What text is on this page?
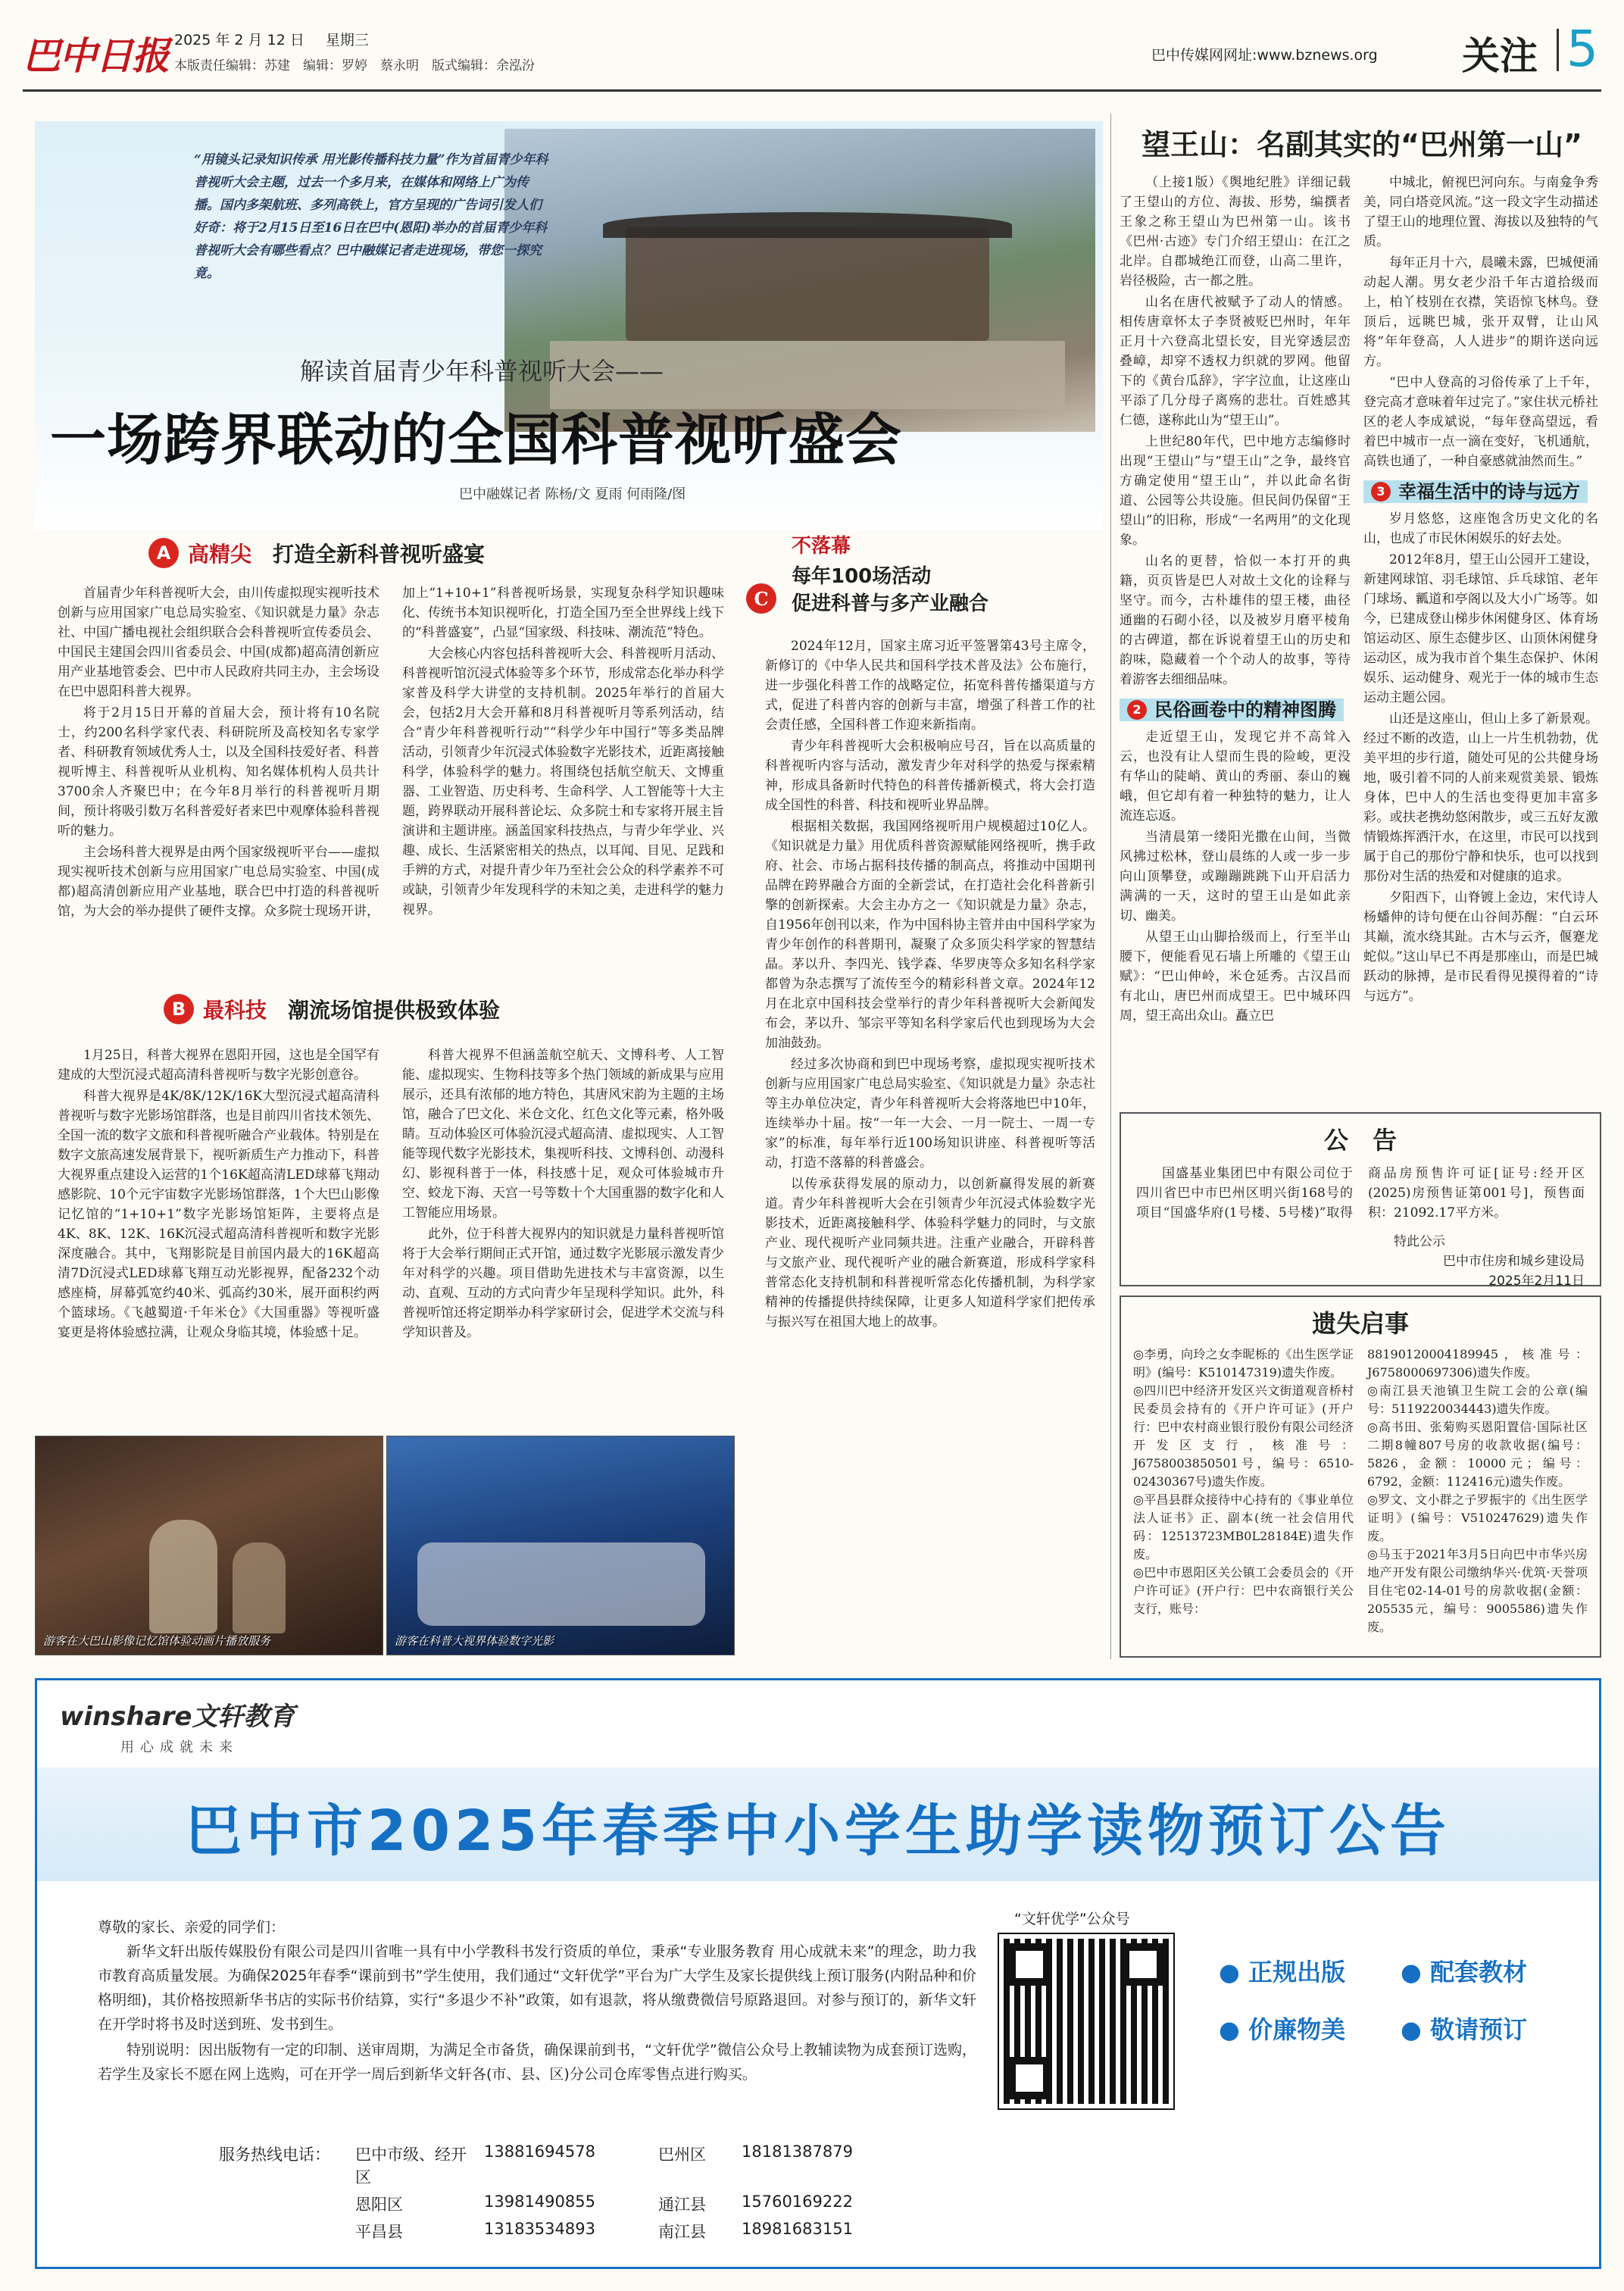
巴中日报 2025 年 2 月 12 日 星期三
本版责任编辑：苏建　编辑：罗婷　蔡永明　版式编辑：余泓汾
巴中传媒网网址:www.bznews.org 关注 5
“用镜头记录知识传承 用光影传播科技力量”作为首届青少年科普视听大会主题，过去一个多月来，在媒体和网络上广为传播。国内多架航班、多列高铁上，官方呈现的广告词引发人们好奇：将于2月15日至16日在巴中(恩阳)举办的首届青少年科普视听大会有哪些看点？巴中融媒记者走进现场，带您一探究竟。
解读首届青少年科普视听大会——
一场跨界联动的全国科普视听盛会
巴中融媒记者 陈杨/文 夏雨 何雨隆/图
A 高精尖 打造全新科普视听盛宴

首届青少年科普视听大会，由川传虚拟现实视听技术创新与应用国家广电总局实验室、《知识就是力量》杂志社、中国广播电视社会组织联合会科普视听宣传委员会、中国民主建国会四川省委员会、中国(成都)超高清创新应用产业基地管委会、巴中市人民政府共同主办，主会场设在巴中恩阳科普大视界。

将于2月15日开幕的首届大会，预计将有10名院士，约200名科学家代表、科研院所及高校知名专家学者、科研教育领域优秀人士，以及全国科技爱好者、科普视听博主、科普视听从业机构、知名媒体机构人员共计3700余人齐聚巴中；在今年8月举行的科普视听月期间，预计将吸引数万名科普爱好者来巴中观摩体验科普视听的魅力。

主会场科普大视界是由两个国家级视听平台——虚拟现实视听技术创新与应用国家广电总局实验室、中国(成都)超高清创新应用产业基地，联合巴中打造的科普视听馆，为大会的举办提供了硬件支撑。众多院士现场开讲，加上“1+10+1”科普视听场景，实现复杂科学知识趣味化、传统书本知识视听化，打造全国乃至全世界线上线下的“科普盛宴”，凸显“国家级、科技味、潮流范”特色。

大会核心内容包括科普视听大会、科普视听月活动、科普视听馆沉浸式体验等多个环节，形成常态化举办科学家普及科学大讲堂的支持机制。2025年举行的首届大会，包括2月大会开幕和8月科普视听月等系列活动，结合“青少年科普视听行动”“科学少年中国行”等多类品牌活动，引领青少年沉浸式体验数字光影技术，近距离接触科学，体验科学的魅力。将围绕包括航空航天、文博重器、工业智造、历史科考、生命科学、人工智能等十大主题，跨界联动开展科普论坛、众多院士和专家将开展主旨演讲和主题讲座。涵盖国家科技热点，与青少年学业、兴趣、成长、生活紧密相关的热点，以耳闻、目见、足践和手辨的方式，对提升青少年乃至社会公众的科学素养不可或缺，引领青少年发现科学的未知之美，走进科学的魅力视界。

B 最科技 潮流场馆提供极致体验

1月25日，科普大视界在恩阳开园，这也是全国罕有建成的大型沉浸式超高清科普视听与数字光影创意谷。

科普大视界是4K/8K/12K/16K大型沉浸式超高清科普视听与数字光影场馆群落，也是目前四川省技术领先、全国一流的数字文旅和科普视听融合产业载体。特别是在数字文旅高速发展背景下，视听新质生产力推动下，科普大视界重点建设入运营的1个16K超高清LED球幕飞翔动感影院、10个元宇宙数字光影场馆群落，1个大巴山影像记忆馆的“1+10+1”数字光影场馆矩阵，主要将点是4K、8K、12K、16K沉浸式超高清科普视听和数字光影深度融合。其中，飞翔影院是目前国内最大的16K超高清7D沉浸式LED球幕飞翔互动光影视界，配备232个动感座椅，屏幕弧宽约40米、弧高约30米，展开面积约两个篮球场。《飞越蜀道·千年米仓》《大国重器》等视听盛宴更是将体验感拉满，让观众身临其境，体验感十足。

科普大视界不但涵盖航空航天、文博科考、人工智能、虚拟现实、生物科技等多个热门领域的新成果与应用展示，还具有浓郁的地方特色，其唐风宋韵为主题的主场馆，融合了巴文化、米仓文化、红色文化等元素，格外吸睛。互动体验区可体验沉浸式超高清、虚拟现实、人工智能等现代数字光影技术，集视听科技、文博科创、动漫科幻、影视科普于一体，科技感十足，观众可体验城市升空、蛟龙下海、天宫一号等数十个大国重器的数字化和人工智能应用场景。

此外，位于科普大视界内的知识就是力量科普视听馆将于大会举行期间正式开馆，通过数字光影展示激发青少年对科学的兴趣。项目借助先进技术与丰富资源，以生动、直观、互动的方式向青少年呈现科学知识。此外，科普视听馆还将定期举办科学家研讨会，促进学术交流与科学知识普及。

游客在大巴山影像记忆馆体验动画片播放服务	游客在科普大视界体验数字光影
C
不落幕
每年100场活动
促进科普与多产业融合

2024年12月，国家主席习近平签署第43号主席令，新修订的《中华人民共和国科学技术普及法》公布施行，进一步强化科普工作的战略定位，拓宽科普传播渠道与方式，促进了科普内容的创新与丰富，增强了科普工作的社会责任感，全国科普工作迎来新指南。

青少年科普视听大会积极响应号召，旨在以高质量的科普视听内容与活动，激发青少年对科学的热爱与探索精神，形成具备新时代特色的科普传播新模式，将大会打造成全国性的科普、科技和视听业界品牌。

根据相关数据，我国网络视听用户规模超过10亿人。《知识就是力量》用优质科普资源赋能网络视听，携手政府、社会、市场占据科技传播的制高点，将推动中国期刊品牌在跨界融合方面的全新尝试，在打造社会化科普新引擎的创新探索。大会主办方之一《知识就是力量》杂志，自1956年创刊以来，作为中国科协主管并由中国科学家为青少年创作的科普期刊，凝聚了众多顶尖科学家的智慧结晶。茅以升、李四光、钱学森、华罗庚等众多知名科学家都曾为杂志撰写了流传至今的精彩科普文章。2024年12月在北京中国科技会堂举行的青少年科普视听大会新闻发布会，茅以升、邹宗平等知名科学家后代也到现场为大会加油鼓劲。

经过多次协商和到巴中现场考察，虚拟现实视听技术创新与应用国家广电总局实验室、《知识就是力量》杂志社等主办单位决定，青少年科普视听大会将落地巴中10年，连续举办十届。按“一年一大会、一月一院士、一周一专家”的标准，每年举行近100场知识讲座、科普视听等活动，打造不落幕的科普盛会。

以传承获得发展的原动力，以创新赢得发展的新赛道。青少年科普视听大会在引领青少年沉浸式体验数字光影技术，近距离接触科学、体验科学魅力的同时，与文旅产业、现代视听产业同频共进。注重产业融合，开辟科普与文旅产业、现代视听产业的融合新赛道，形成科学家科普常态化支持机制和科普视听常态化传播机制，为科学家精神的传播提供持续保障，让更多人知道科学家们把传承与振兴写在祖国大地上的故事。

望王山：名副其实的“巴州第一山”

（上接1版）《舆地纪胜》详细记载了王望山的方位、海拔、形势，编撰者王象之称王望山为巴州第一山。该书《巴州·古迹》专门介绍王望山：在江之北岸。自郡城绝江而登，山高二里许，岩径极险，古一都之胜。

山名在唐代被赋予了动人的情感。相传唐章怀太子李贤被贬巴州时，年年正月十六登高北望长安，目光穿透层峦叠嶂，却穿不透权力织就的罗网。他留下的《黄台瓜辞》，字字泣血，让这座山平添了几分母子离殇的悲壮。百姓感其仁德，遂称此山为“望王山”。

上世纪80年代，巴中地方志编修时出现“王望山”与“望王山”之争，最终官方确定使用“望王山”，并以此命名街道、公园等公共设施。但民间仍保留“王望山”的旧称，形成“一名两用”的文化现象。

山名的更替，恰似一本打开的典籍，页页皆是巴人对故土文化的诠释与坚守。而今，古朴雄伟的望王楼，曲径通幽的石砌小径，以及被岁月磨平棱角的古碑道，都在诉说着望王山的历史和韵味，隐藏着一个个动人的故事，等待着游客去细细品味。

2 民俗画卷中的精神图腾

走近望王山，发现它并不高耸入云，也没有让人望而生畏的险峻，更没有华山的陡峭、黄山的秀丽、泰山的巍峨，但它却有着一种独特的魅力，让人流连忘返。

当清晨第一缕阳光撒在山间，当微风拂过松林，登山晨练的人或一步一步向山顶攀登，或蹦蹦跳跳下山开启活力满满的一天，这时的望王山是如此亲切、幽美。

从望王山山脚拾级而上，行至半山腰下，便能看见石墙上所雕的《望王山赋》：“巴山伸岭，米仓延秀。古汉昌而有北山，唐巴州而成望王。巴中城环四周，望王高出众山。矗立巴

中城北，俯视巴河向东。与南龛争秀美，同白塔竞风流。”这一段文字生动描述了望王山的地理位置、海拔以及独特的气质。

每年正月十六，晨曦未露，巴城便涌动起人潮。男女老少沿千年古道拾级而上，柏丫枝别在衣襟，笑语惊飞林鸟。登顶后，远眺巴城，张开双臂，让山风将“年年登高，人人进步”的期许送向远方。

“巴中人登高的习俗传承了上千年，登完高才意味着年过完了。”家住状元桥社区的老人李成斌说，“每年登高望远，看着巴中城市一点一滴在变好，飞机通航，高铁也通了，一种自豪感就油然而生。”

3 幸福生活中的诗与远方

岁月悠悠，这座饱含历史文化的名山，也成了市民休闲娱乐的好去处。

2012年8月，望王山公园开工建设，新建网球馆、羽毛球馆、乒乓球馆、老年门球场、瓤道和亭阁以及大小广场等。如今，已建成登山梯步休闲健身区、体育场馆运动区、原生态健步区、山顶休闲健身运动区，成为我市首个集生态保护、休闲娱乐、运动健身、观光于一体的城市生态运动主题公园。

山还是这座山，但山上多了新景观。经过不断的改造，山上一片生机勃勃，优美平坦的步行道，随处可见的公共健身场地，吸引着不同的人前来观赏美景、锻炼身体，巴中人的生活也变得更加丰富多彩。或扶老携幼悠闲散步，或三五好友激情锻炼挥洒汗水，在这里，市民可以找到属于自己的那份宁静和快乐，也可以找到那份对生活的热爱和对健康的追求。

夕阳西下，山脊镀上金边，宋代诗人杨蟠伸的诗句便在山谷间苏醒：“白云环其巅，流水绕其趾。古木与云齐，偃蹇龙蛇似。”这山早已不再是那座山，而是巴城跃动的脉搏，是市民看得见摸得着的“诗与远方”。

公　告
国盛基业集团巴中有限公司位于四川省巴中市巴州区明兴街168号的项目“国盛华府(1号楼、5号楼)”取得商品房预售许可证[证号:经开区(2025)房预售证第001号]，预售面积：21092.17平方米。
特此公示
巴中市住房和城乡建设局
2025年2月11日
遗失启事
◎李勇，向玲之女李昵栎的《出生医学证明》(编号：K510147319)遗失作废。
◎四川巴中经济开发区兴文街道观音桥村民委员会持有的《开户许可证》(开户行：巴中农村商业银行股份有限公司经济开发区支行，核准号：J6758003850501号，编号：6510-02430367号)遗失作废。
◎平昌县群众接待中心持有的《事业单位法人证书》正、副本(统一社会信用代码：12513723MB0L28184E)遗失作废。
◎巴中市恩阳区关公镇工会委员会的《开户许可证》(开户行：巴中农商银行关公支行，账号：
88190120004189945，核准号：J6758000697306)遗失作废。
◎南江县天池镇卫生院工会的公章(编号：5119220034443)遗失作废。
◎高书田、张菊购买恩阳置信·国际社区二期8幢807号房的收款收据(编号：5826，金额：10000元；编号：6792，金额：112416元)遗失作废。
◎罗文、文小群之子罗振宇的《出生医学证明》(编号：V510247629)遗失作废。
◎马玉于2021年3月5日向巴中市华兴房地产开发有限公司缴纳华兴·优筑·天誉项目住宅02-14-01号的房款收据(金额：205535元，编号：9005586)遗失作废。
winshare文轩教育
用心成就未来
巴中市2025年春季中小学生助学读物预订公告
尊敬的家长、亲爱的同学们：

新华文轩出版传媒股份有限公司是四川省唯一具有中小学教科书发行资质的单位，秉承“专业服务教育 用心成就未来”的理念，助力我市教育高质量发展。为确保2025年春季“课前到书”学生使用，我们通过“文轩优学”平台为广大学生及家长提供线上预订服务(内附品种和价格明细)，其价格按照新华书店的实际书价结算，实行“多退少不补”政策，如有退款，将从缴费微信号原路退回。对参与预订的，新华文轩在开学时将书及时送到班、发书到生。

特别说明：因出版物有一定的印制、送审周期，为满足全市备货，确保课前到书，“文轩优学”微信公众号上教辅读物为成套预订选购，若学生及家长不愿在网上选购，可在开学一周后到新华文轩各(市、县、区)分公司仓库零售点进行购买。

“文轩优学”公众号
● 正规出版	● 配套教材
● 价廉物美	● 敬请预订
服务热线电话： 巴中市级、经开区
13881694578	巴州区	18181387879
恩阳区	13981490855	通江县	15760169222
平昌县	13183534893	南江县	18981683151
